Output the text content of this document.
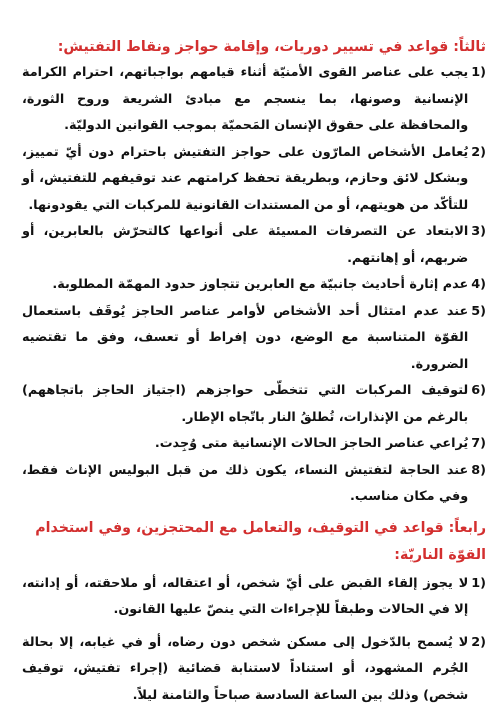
ثالثاً: قواعد في تسيير دوريات، وإقامة حواجز ونقاط التفتيش:
1)
يجب على عناصر القوى الأمنيّة أثناء قيامهم بواجباتهم، احترام الكرامة الإنسانية وصونها، بما ينسجم مع مبادئ الشريعة وروح الثورة، والمحافظة على حقوق الإنسان المَحميّة بموجب القوانين الدوليّة.
2)
يُعامل الأشخاص المارّون على حواجز التفتيش باحترام دون أيّ تمييز، وبشكل لائق وحازم، وبطريقة تحفظ كرامتهم عند توقيفهم للتفتيش، أو للتأكّد من هويتهم، أو من المستندات القانونية للمركبات التي يقودونها.
3)
الابتعاد عن التصرفات المسيئة على أنواعها كالتحرّش بالعابرين، أو ضربهم، أو إهانتهم.
4)
عدم إثارة أحاديث جانبيّة مع العابرين تتجاوز حدود المهمّة المطلوبة.
5)
عند عدم امتثال أحد الأشخاص لأوامر عناصر الحاجز يُوقَف باستعمال القوّة المتناسبة مع الوضع، دون إفراط أو تعسف، وفق ما تقتضيه الضرورة.
6)
لتوقيف المركبات التي تتخطّى حواجزهم (اجتياز الحاجز باتجاههم) بالرغم من الإنذارات، تُطلقُ النار باتّجاه الإطار.
7)
يُراعي عناصر الحاجز الحالات الإنسانية متى وُجِدت.
8)
عند الحاجة لتفتيش النساء، يكون ذلك من قبل البوليس الإناث فقط، وفي مكان مناسب.
رابعاً: قواعد في التوقيف، والتعامل مع المحتجزين، وفي استخدام القوّة الناريّة:
1)
لا يجوز إلقاء القبض على أيّ شخص، أو اعتقاله، أو ملاحقته، أو إدانته، إلا في الحالات وطبقاً للإجراءات التي ينصّ عليها القانون.
2)
لا يُسمح بالدّخول إلى مسكن شخص دون رضاه، أو في غيابه، إلا بحالة الجُرم المشهود، أو استناداً لاستنابة قضائية (إجراء تفتيش، توقيف شخص) وذلك بين الساعة السادسة صباحاً والثامنة ليلاً.
